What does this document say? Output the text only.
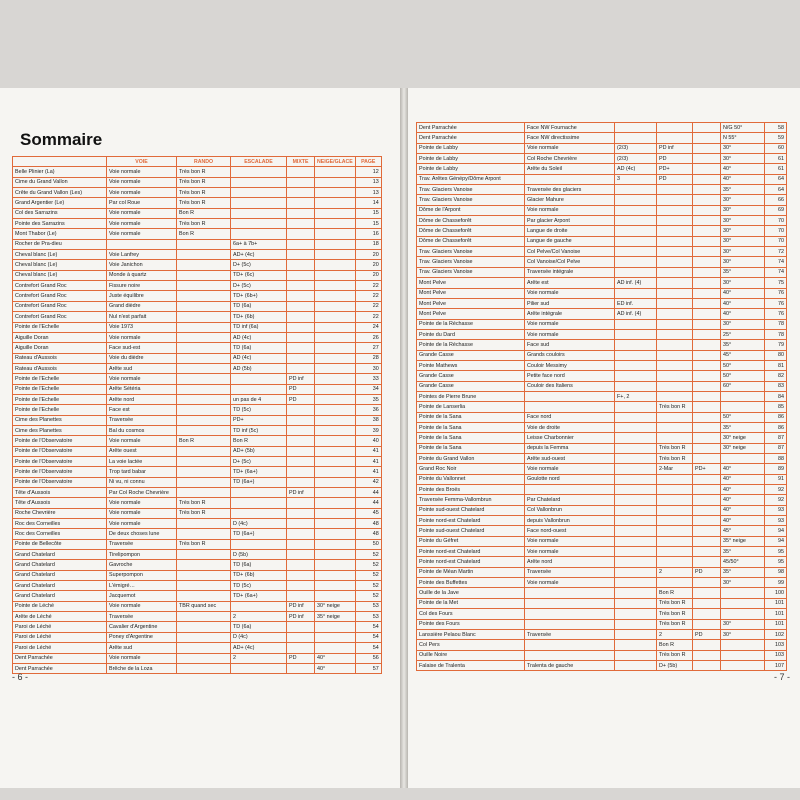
Sommaire
	VOIE	RANDO	ESCALADE	MIXTE	NEIGE/GLACE	PAGE
Belle Plinier (La)	Voie normale	Très bon R				12
Cime du Grand Vallon	Voie normale	Très bon R				13
Crête du Grand Vallon (Les)	Voie normale	Très bon R				13
Grand Argentier (Le)	Par col Roue	Très bon R				14
Col des Sarrazins	Voie normale	Bon R				15
Pointe des Sarrazins	Voie normale	Très bon R				15
Mont Thabor (Le)	Voie normale	Bon R				16
Rocher de Pra-dieu			6a+ à 7b+			18
Cheval blanc (Le)	Voie Lanfrey		AD+ (4c)			20
Cheval blanc (Le)	Voie Janichon		D+ (5c)			20
Cheval blanc (Le)	Monde à quartz		TD+ (6c)			20
Contrefort Grand Roc	Fissure noire		D+ (5c)			22
Contrefort Grand Roc	Juste équilibre		TD+ (6b+)			22
Contrefort Grand Roc	Grand dièdre		TD (6a)			22
Contrefort Grand Roc	Nul n'est parfait		TD+ (6b)			22
Pointe de l'Echelle	Voie 1973		TD inf (6a)			24
Aiguille Doran	Voie normale		AD (4c)			26
Aiguille Doran	Face sud-est		TD (6a)			27
Rateau d'Aussois	Voie du dièdre		AD (4c)			28
Rateau d'Aussois	Arête sud		AD (5b)			30
Pointe de l'Echelle	Voie normale			PD inf		33
Pointe de l'Echelle	Arête Sétéria			PD		34
Pointe de l'Echelle	Arête nord		un pas de 4	PD		35
Pointe de l'Echelle	Face est		TD (5c)			36
Cime des Planettes	Traversée		PD+			38
Cime des Planettes	Bal du cosmos		TD inf (5c)			39
Pointe de l'Observatoire	Voie normale	Bon R	Bon R			40
Pointe de l'Observatoire	Arête ouest		AD+ (5b)			41
Pointe de l'Observatoire	La voie lactée		D+ (5c)			41
Pointe de l'Observatoire	Trop tard babar		TD+ (6a+)			41
Pointe de l'Observatoire	Ni vu, ni connu		TD (6a+)			42
Tête d'Aussois	Par Col Roche Chevrière			PD inf		44
Tête d'Aussois	Voie normale	Très bon R				44
Roche Chevrière	Voie normale	Très bon R				45
Roc des Corneilles	Voie normale		D (4c)			48
Roc des Corneilles	De deux choses lune		TD (6a+)			48
Pointe de Bellecôte	Traversée	Très bon R				50
Grand Chatelard	Tirelipompon		D (5b)			52
Grand Chatelard	Gavroche		TD (6a)			52
Grand Chatelard	Superpompon		TD+ (6b)			52
Grand Chatelard	L'émigré…		TD (5c)			52
Grand Chatelard	Jacquemot		TD+ (6a+)			52
Pointe de Léché	Voie normale	TBR quand sec		PD inf	30° neige	53
Arête de Léché	Traversée		2	PD inf	35° neige	53
Paroi de Léché	Cavalier d'Argentine		TD (6a)			54
Paroi de Léché	Poney d'Argentine		D (4c)			54
Paroi de Léché	Arête sud		AD+ (4c)			54
Dent Parrachée	Voie normale		2	PD	40°	56
Dent Parrachée	Brêche de la Loza				40°	57
- 6 -
Dent Parrachée	Face NW Fournache				N/G 50°	58
Dent Parrachée	Face NW directissime				N 55°	59
Pointe de Labby	Voie normale	(2/3)	PD inf		30°	60
Pointe de Labby	Col Roche Chevrière	(2/3)	PD		30°	61
Pointe de Labby	Arête du Soleil	AD (4c)	PD+		40°	61
Trav. Arêtes Génépy/Dôme Arpont		3	PD		40°	64
Trav. Glaciers Vanoise	Traversée des glaciers				35°	64
Trav. Glaciers Vanoise	Glacier Mahure				30°	66
Dôme de l'Arpont	Voie normale				30°	69
Dôme de Chasseforêt	Par glacier Arpont				30°	70
Dôme de Chasseforêt	Langue de droite				30°	70
Dôme de Chasseforêt	Langue de gauche				30°	70
Trav. Glaciers Vanoise	Col Pelve/Col Vanoise				30°	72
Trav. Glaciers Vanoise	Col Vanoise/Col Pelve				30°	74
Trav. Glaciers Vanoise	Traversée intégrale				35°	74
Mont Pelve	Arête est	AD inf. (4)			30°	75
Mont Pelve	Voie normale				40°	76
Mont Pelve	Pilier sud	ED inf.			40°	76
Mont Pelve	Arête intégrale	AD inf. (4)			40°	76
Pointe de la Réchasse	Voie normale				30°	78
Pointe du Dard	Voie normale				25°	78
Pointe de la Réchasse	Face sud				35°	79
Grande Casse	Grands couloirs				45°	80
Pointe Mathews	Couloir Messimy				50°	81
Grande Casse	Petite face nord				50°	82
Grande Casse	Couloir des Italiens				60°	83
Pointes de Pierre Brune		F+, 2				84
Pointe de Lanserlia			Très bon R			85
Pointe de la Sana	Face nord				50°	86
Pointe de la Sana	Voie de droite				35°	86
Pointe de la Sana	Leisse Charbonnier				30° neige	87
Pointe de la Sana	depuis la Femma		Très bon R		30° neige	87
Pointe du Grand Vallon	Arête sud-ouest		Très bon R			88
Grand Roc Noir	Voie normale		2-Mar	PD+	40°	89
Pointe du Vallonnet	Goulotte nord				40°	91
Pointe des Broës					40°	92
Traversée Femma-Vallombrun	Par Chatelard				40°	92
Pointe sud-ouest Chatelard	Col Vallonbrun				40°	93
Pointe nord-est Chatelard	depuis Vallonbrun				40°	93
Pointe sud-ouest Chatelard	Face nord-ouest				45°	94
Pointe du Géfret	Voie normale				35° neige	94
Pointe nord-est Chatelard	Voie normale				35°	95
Pointe nord-est Chatelard	Arête nord				45/50°	95
Pointe de Méan Martin	Traversée		2	PD	35°	98
Pointe des Buffettes	Voie normale				30°	99
Ouille de la Jave			Bon R			100
Pointe de la Met			Très bon R			101
Col des Fours			Très bon R			101
Pointe des Fours			Très bon R		30°	101
Lanssière Pelaou Blanc	Traversée		2	PD	30°	102
Col Pers			Bon R			103
Ouille Noire			Très bon R			103
Falaise de Tralenta	Tralenta de gauche		D+ (5b)			107
- 7 -
